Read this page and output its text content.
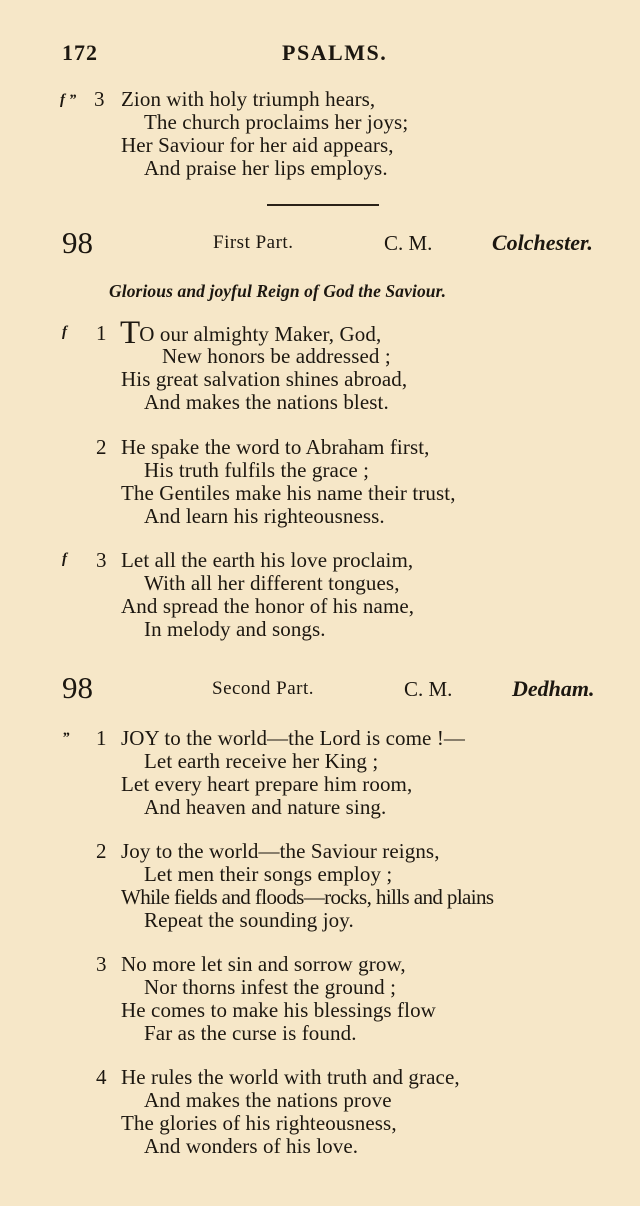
172	PSALMS.
f ” 3 Zion with holy triumph hears,
The church proclaims her joys;
Her Saviour for her aid appears,
And praise her lips employs.
98	First Part.	C. M.	Colchester.
Glorious and joyful Reign of God the Saviour.
f 1 TO our almighty Maker, God,
New honors be addressed ;
His great salvation shines abroad,
And makes the nations blest.
2 He spake the word to Abraham first,
His truth fulfils the grace ;
The Gentiles make his name their trust,
And learn his righteousness.
f 3 Let all the earth his love proclaim,
With all her different tongues,
And spread the honor of his name,
In melody and songs.
98	Second Part.	C. M.	Dedham.
” 1 JOY to the world—the Lord is come !—
Let earth receive her King ;
Let every heart prepare him room,
And heaven and nature sing.
2 Joy to the world—the Saviour reigns,
Let men their songs employ ;
While fields and floods—rocks, hills and plains
Repeat the sounding joy.
3 No more let sin and sorrow grow,
Nor thorns infest the ground ;
He comes to make his blessings flow
Far as the curse is found.
4 He rules the world with truth and grace,
And makes the nations prove
The glories of his righteousness,
And wonders of his love.
